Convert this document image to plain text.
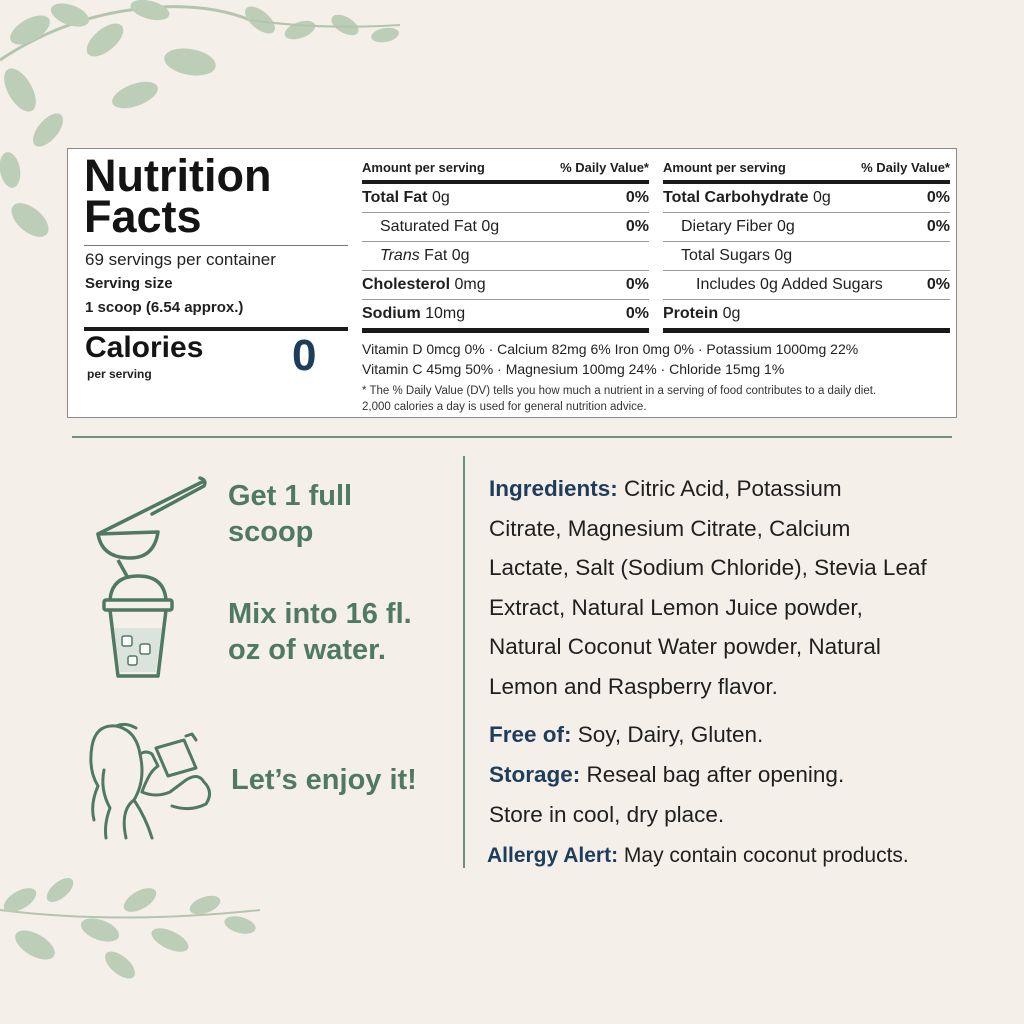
Nutrition
Facts
69 servings per container
Serving size
1 scoop (6.54 approx.)
Calories
per serving	0
Amount per serving	% Daily Value*
Total Fat 0g	0%
Saturated Fat 0g	0%
Trans Fat 0g
Cholesterol 0mg	0%
Sodium 10mg	0%
Amount per serving	% Daily Value*
Total Carbohydrate 0g	0%
Dietary Fiber 0g	0%
Total Sugars 0g
Includes 0g Added Sugars	0%
Protein 0g
Vitamin D 0mcg 0% · Calcium 82mg 6% Iron 0mg 0% · Potassium 1000mg 22%
Vitamin C 45mg 50% · Magnesium 100mg 24% · Chloride 15mg 1%
* The % Daily Value (DV) tells you how much a nutrient in a serving of food contributes to a daily diet.
2,000 calories a day is used for general nutrition advice.
Get 1 full
scoop
Mix into 16 fl.
oz of water.
Let’s enjoy it!
Ingredients: Citric Acid, Potassium
Citrate, Magnesium Citrate, Calcium
Lactate, Salt (Sodium Chloride), Stevia Leaf
Extract, Natural Lemon Juice powder,
Natural Coconut Water powder, Natural
Lemon and Raspberry flavor.
Free of: Soy, Dairy, Gluten.
Storage: Reseal bag after opening.
Store in cool, dry place.
Allergy Alert: May contain coconut products.
